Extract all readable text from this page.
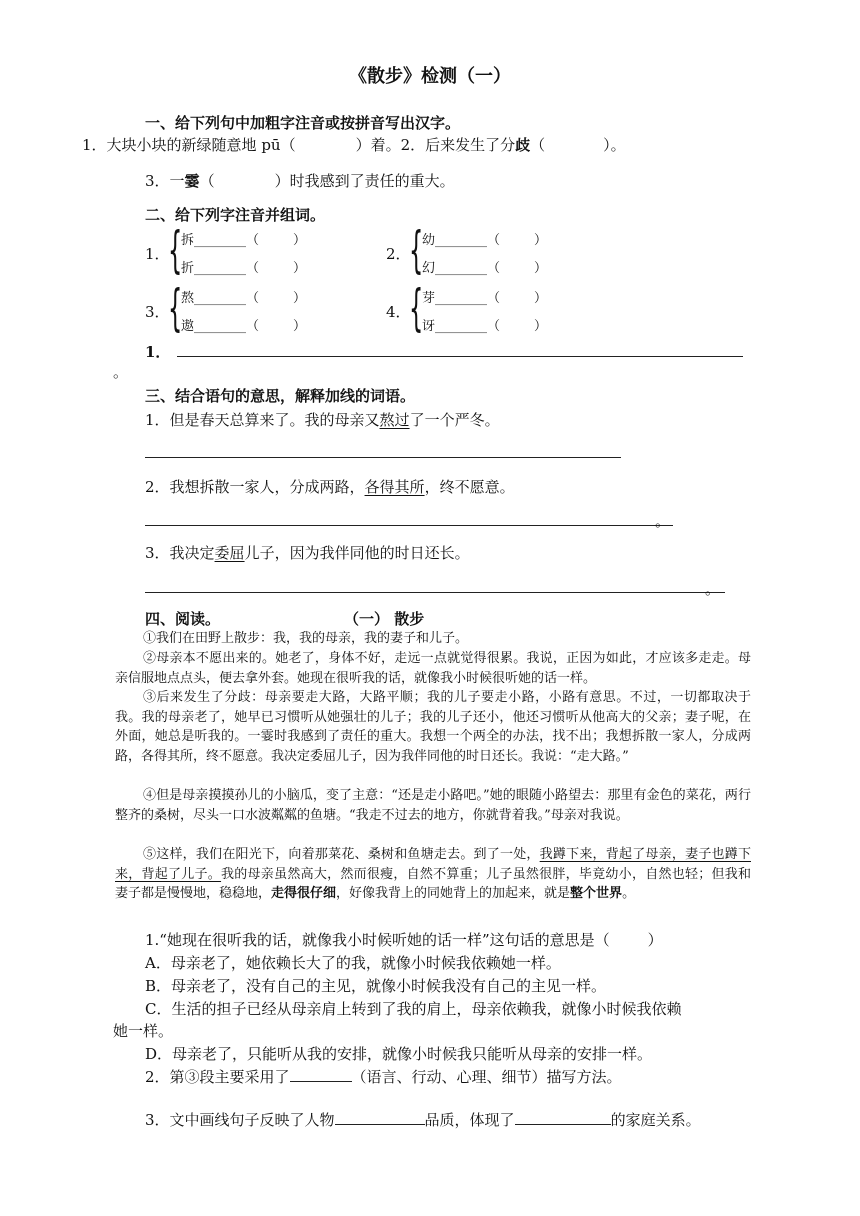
《散步》检测（一）
一、给下列句中加粗字注音或按拼音写出汉字。
1．大块小块的新绿随意地 pū（	）着。2．后来发生了分歧（	）。
3．一霎（	）时我感到了责任的重大。
二、给下列字注音并组词。
1．
{
拆________（	）
折________（	）
2．
{
幼________（	）
幻________（	）
3．
{
熬________（	）
遨________（	）
4．
{
芽________（	）
讶________（	）
1．
。
三、结合语句的意思，解释加线的词语。
1．但是春天总算来了。我的母亲又熬过了一个严冬。
2．我想拆散一家人，分成两路，各得其所，终不愿意。
。
3．我决定委屈儿子，因为我伴同他的时日还长。
。
四、阅读。	（一） 散步
①我们在田野上散步：我，我的母亲，我的妻子和儿子。
②母亲本不愿出来的。她老了，身体不好，走远一点就觉得很累。我说，正因为如此，才应该多走走。母亲信服地点点头，便去拿外套。她现在很听我的话，就像我小时候很听她的话一样。
③后来发生了分歧：母亲要走大路，大路平顺；我的儿子要走小路，小路有意思。不过，一切都取决于我。我的母亲老了，她早已习惯听从她强壮的儿子；我的儿子还小，他还习惯听从他高大的父亲；妻子呢，在外面，她总是听我的。一霎时我感到了责任的重大。我想一个两全的办法，找不出；我想拆散一家人，分成两路，各得其所，终不愿意。我决定委屈儿子，因为我伴同他的时日还长。我说：“走大路。”
④但是母亲摸摸孙儿的小脑瓜，变了主意：“还是走小路吧。”她的眼随小路望去：那里有金色的菜花，两行整齐的桑树，尽头一口水波粼粼的鱼塘。“我走不过去的地方，你就背着我。”母亲对我说。
⑤这样，我们在阳光下，向着那菜花、桑树和鱼塘走去。到了一处，我蹲下来，背起了母亲，妻子也蹲下来，背起了儿子。我的母亲虽然高大，然而很瘦，自然不算重；儿子虽然很胖，毕竟幼小，自然也轻；但我和妻子都是慢慢地，稳稳地，走得很仔细，好像我背上的同她背上的加起来，就是整个世界。
1.“她现在很听我的话，就像我小时候听她的话一样”这句话的意思是（	）
A．母亲老了，她依赖长大了的我，就像小时候我依赖她一样。
B．母亲老了，没有自己的主见，就像小时候我没有自己的主见一样。
C．生活的担子已经从母亲肩上转到了我的肩上，母亲依赖我，就像小时候我依赖
她一样。
D．母亲老了，只能听从我的安排，就像小时候我只能听从母亲的安排一样。
2．第③段主要采用了	（语言、行动、心理、细节）描写方法。
3．文中画线句子反映了人物	品质，体现了	的家庭关系。
